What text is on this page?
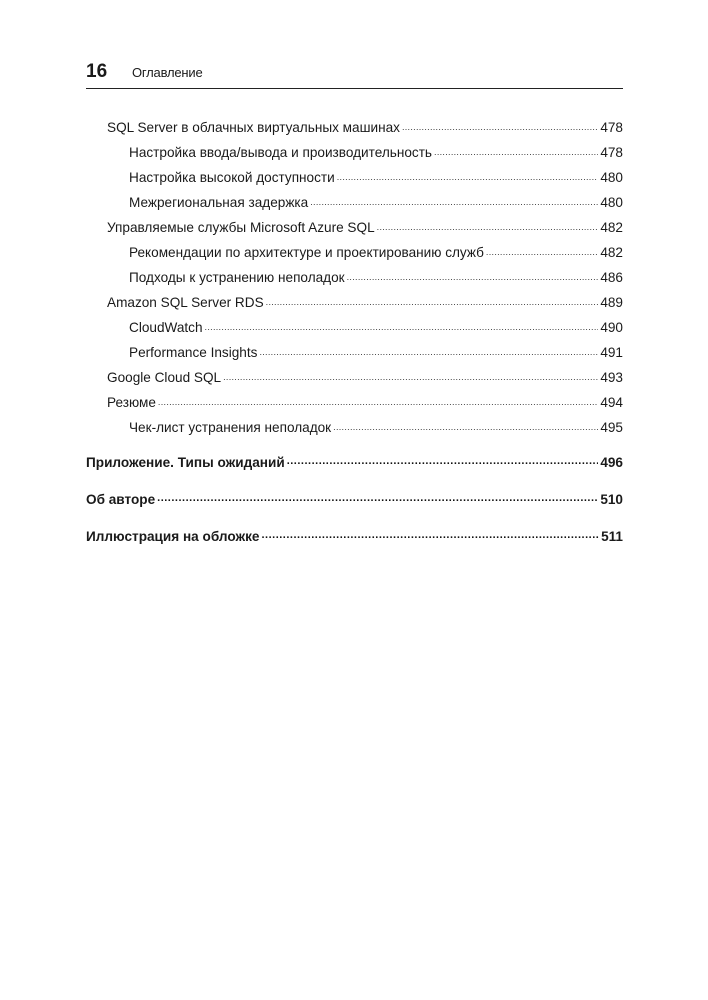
16 Оглавление
SQL Server в облачных виртуальных машинах .....	478
Настройка ввода/вывода и производительность .....	478
Настройка высокой доступности .....	480
Межрегиональная задержка .....	480
Управляемые службы Microsoft Azure SQL .....	482
Рекомендации по архитектуре и проектированию служб .....	482
Подходы к устранению неполадок .....	486
Amazon SQL Server RDS .....	489
CloudWatch .....	490
Performance Insights .....	491
Google Cloud SQL .....	493
Резюме .....	494
Чек-лист устранения неполадок .....	495
Приложение. Типы ожиданий .....	496
Об авторе .....	510
Иллюстрация на обложке .....	511
